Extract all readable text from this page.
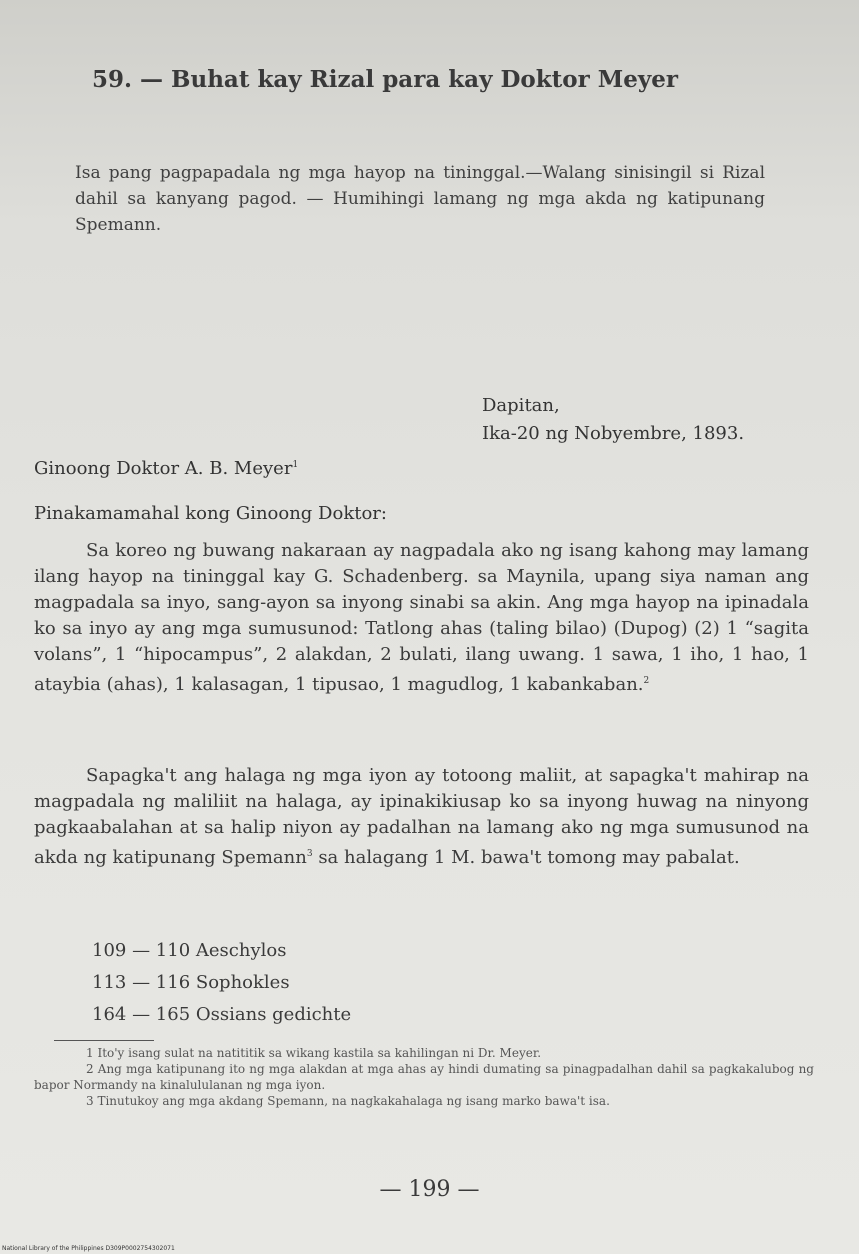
59. — Buhat kay Rizal para kay Doktor Meyer
Isa pang pagpapadala ng mga hayop na tininggal.—Walang sinisingil si Rizal dahil sa kanyang pagod. — Humihingi lamang ng mga akda ng katipunang Spemann.
Dapitan,
Ika-20 ng Nobyembre, 1893.
Ginoong Doktor A. B. Meyer$^1$
Pinakamamahal kong Ginoong Doktor:
Sa koreo ng buwang nakaraan ay nagpadala ako ng isang kahong may lamang ilang hayop na tininggal kay G. Schadenberg. sa Maynila, upang siya naman ang magpadala sa inyo, sang-ayon sa inyong sinabi sa akin. Ang mga hayop na ipinadala ko sa inyo ay ang mga sumusunod: Tatlong ahas (taling bilao) (Dupog) (2) 1 “sagita volans”, 1 “hipocampus”, 2 alakdan, 2 bulati, ilang uwang. 1 sawa, 1 iho, 1 hao, 1 ataybia (ahas), 1 kalasagan, 1 tipusao, 1 magudlog, 1 kabankaban.$^2$
Sapagka't ang halaga ng mga iyon ay totoong maliit, at sapagka't mahirap na magpadala ng maliliit na halaga, ay ipinakikiusap ko sa inyong huwag na ninyong pagkaabalahan at sa halip niyon ay padalhan na lamang ako ng mga sumusunod na akda ng katipunang Spemann$^3$ sa halagang 1 M. bawa't tomong may pabalat.
109 — 110 Aeschylos
113 — 116 Sophokles
164 — 165 Ossians gedichte

1 Ito'y isang sulat na natititik sa wikang kastila sa kahilingan ni Dr. Meyer.

2 Ang mga katipunang ito ng mga alakdan at mga ahas ay hindi dumating sa pinagpadalhan dahil sa pagkakalubog ng bapor Normandy na kinalululanan ng mga iyon.

3 Tinutukoy ang mga akdang Spemann, na nagkakahalaga ng isang marko bawa't isa.

— 199 —
National Library of the Philippines D309P0002754302071
